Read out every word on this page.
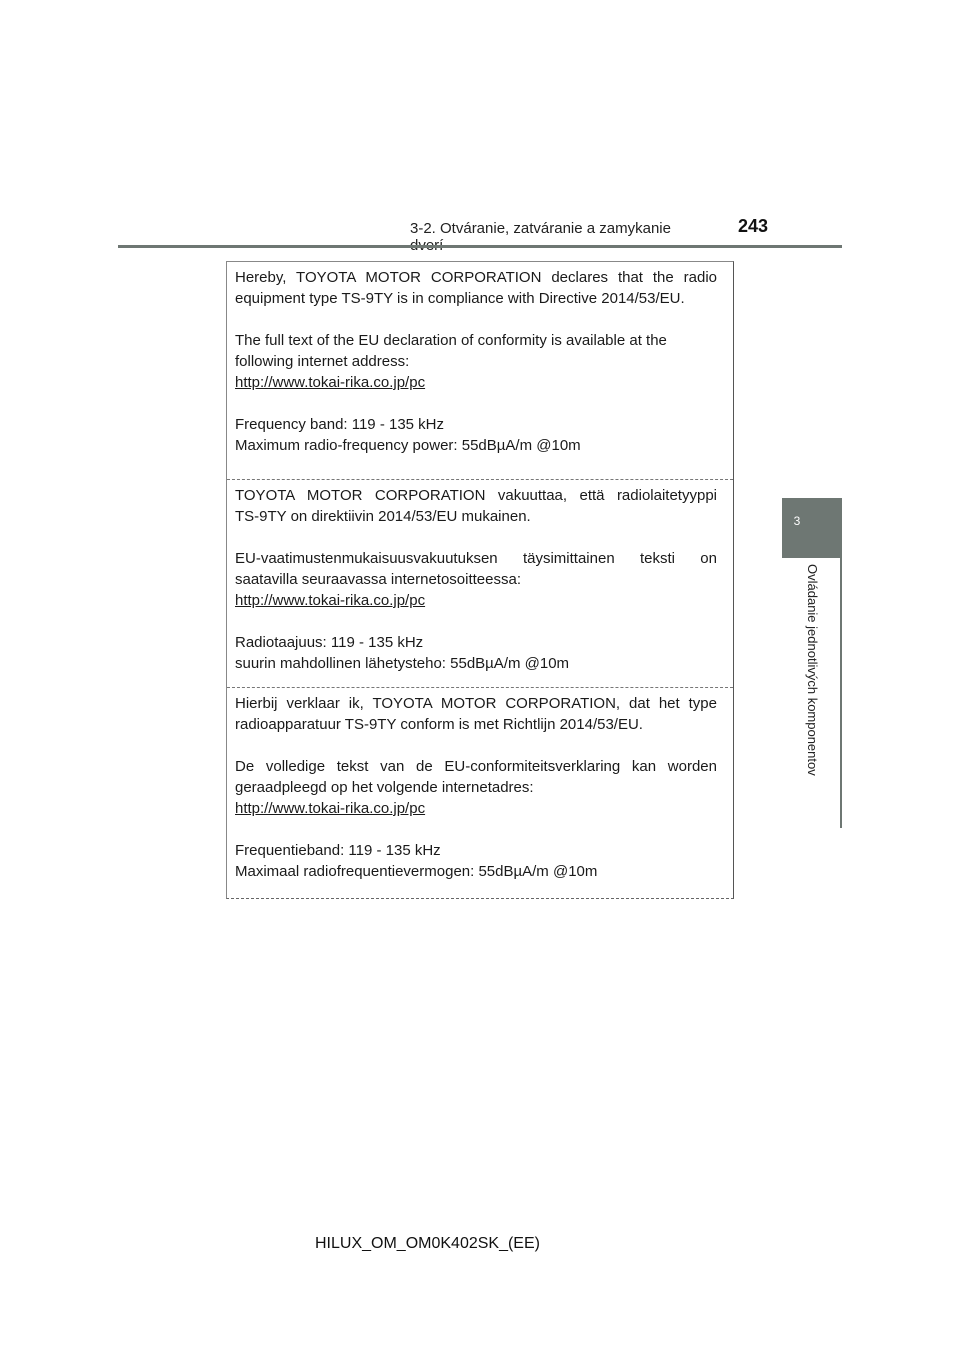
3-2. Otváranie, zatváranie a zamykanie	243
3
Ovládanie jednotlivých komponentov

Hereby, TOYOTA MOTOR CORPORATION declares that the radio
equipment type TS-9TY is in compliance with Directive 2014/53/EU.

The full text of the EU declaration of conformity is available at the
following internet address:
http://www.tokai-rika.co.jp/pc

Frequency band: 119 - 135 kHz
Maximum radio-frequency power: 55dBµA/m @10m

TOYOTA MOTOR CORPORATION vakuuttaa, että radiolaitetyyppi
TS-9TY on direktiivin 2014/53/EU mukainen.

EU-vaatimustenmukaisuusvakuutuksen täysimittainen teksti on
saatavilla seuraavassa internetosoitteessa:
http://www.tokai-rika.co.jp/pc

Radiotaajuus: 119 - 135 kHz
suurin mahdollinen lähetysteho: 55dBµA/m @10m

Hierbij verklaar ik, TOYOTA MOTOR CORPORATION, dat het type
radioapparatuur TS-9TY conform is met Richtlijn 2014/53/EU.

De volledige tekst van de EU-conformiteitsverklaring kan worden
geraadpleegd op het volgende internetadres:
http://www.tokai-rika.co.jp/pc

Frequentieband: 119 - 135 kHz
Maximaal radiofrequentievermogen: 55dBµA/m @10m

HILUX_OM_OM0K402SK_(EE)
